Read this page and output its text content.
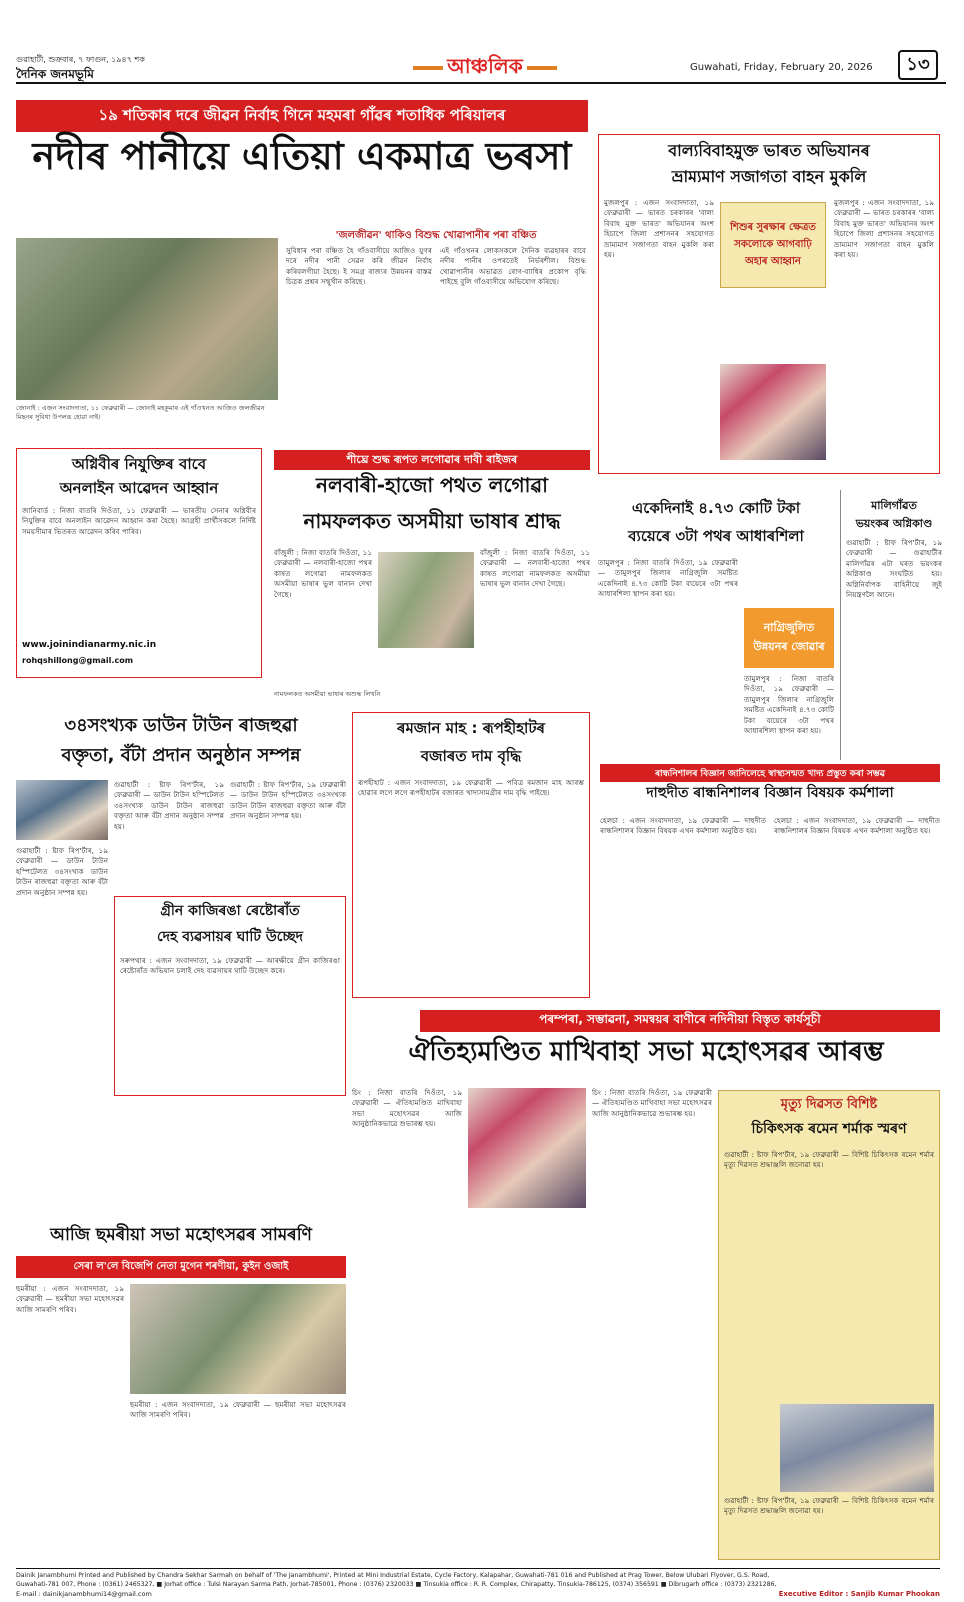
গুৱাহাটী, শুক্ৰবাৰ, ৭ ফাগুন, ১৯৪৭ শক
দৈনিক জনমভূমি	আঞ্চলিক	Guwahati, Friday, February 20, 2026	১৩
১৯ শতিকাৰ দৰে জীৱন নিৰ্বাহ গিনে মহমৰা গাঁৱৰ শতাধিক পৰিয়ালৰ
নদীৰ পানীয়ে এতিয়া একমাত্ৰ ভৰসা
'জলজীৱন' থাকিও বিশুদ্ধ খোৱাপানীৰ পৰা বঞ্চিত
সুবিধাৰ পৰা বঞ্চিত হৈ গাঁওবাসীয়ে আজিও যুগৰ দৰে নদীৰ পানী সেৱন কৰি জীৱন নিৰ্বাহ কৰিবলগীয়া হৈছে। ই সমগ্ৰ ৰাজ্যৰ উন্নয়নৰ বাস্তৱ চিত্ৰক প্ৰশ্নৰ সন্মুখীন কৰিছে।
এই গাঁওখনৰ লোকসকলে দৈনিক ব্যৱহাৰৰ বাবে নদীৰ পানীৰ ওপৰতেই নিৰ্ভৰশীল। বিশুদ্ধ খোৱাপানীৰ অভাৱত ৰোগ-ব্যাধিৰ প্ৰকোপ বৃদ্ধি পাইছে বুলি গাঁওবাসীয়ে অভিযোগ কৰিছে।
জোনাই : এজন সংবাদদাতা, ১১ ফেব্ৰুৱাৰী — জোনাই মহকুমাৰ এই গাঁওখনত আজিও জলজীৱন মিছনৰ সুবিধা উপলব্ধ হোৱা নাই।
বাল্যবিবাহমুক্ত ভাৰত অভিযানৰ
ভ্ৰাম্যমাণ সজাগতা বাহন মুকলি
মুজলপুৰ : এজন সংবাদদাতা, ১৯ ফেব্ৰুৱাৰী — ভাৰত চৰকাৰৰ 'বাল্য বিবাহ মুক্ত ভাৰত' অভিযানৰ অংশ হিচাপে জিলা প্ৰশাসনৰ সহযোগত ভ্ৰাম্যমাণ সজাগতা বাহন মুকলি কৰা হয়।
শিশুৰ সুৰক্ষাৰ ক্ষেত্ৰত সকলোকে আগবাঢ়ি অহাৰ আহ্বান
মুজলপুৰ : এজন সংবাদদাতা, ১৯ ফেব্ৰুৱাৰী — ভাৰত চৰকাৰৰ 'বাল্য বিবাহ মুক্ত ভাৰত' অভিযানৰ অংশ হিচাপে জিলা প্ৰশাসনৰ সহযোগত ভ্ৰাম্যমাণ সজাগতা বাহন মুকলি কৰা হয়।
অগ্নিবীৰ নিযুক্তিৰ বাবে
অনলাইন আৱেদন আহ্বান
জানিবাৰ্ড : নিজা বাতৰি দিওঁতা, ১১ ফেব্ৰুৱাৰী — ভাৰতীয় সেনাৰ অগ্নিবীৰ নিযুক্তিৰ বাবে অনলাইন আৱেদন আহ্বান কৰা হৈছে। আগ্ৰহী প্ৰাৰ্থীসকলে নিৰ্দিষ্ট সময়সীমাৰ ভিতৰত আৱেদন কৰিব পাৰিব।
www.joinindianarmy.nic.in
rohqshillong@gmail.com
শীঘ্ৰে শুদ্ধ ৰূপত লগোৱাৰ দাবী ৰাইজৰ
নলবাৰী-হাজো পথত লগোৱা
নামফলকত অসমীয়া ভাষাৰ শ্ৰাদ্ধ
বাঁজুলী : নিজা বাতৰি দিওঁতা, ১১ ফেব্ৰুৱাৰী — নলবাৰী-হাজো পথৰ কাষত লগোৱা নামফলকত অসমীয়া ভাষাৰ ভুল বানান দেখা গৈছে।
নামফলকত অসমীয়া ভাষাৰ অশুদ্ধ লিখনি
বাঁজুলী : নিজা বাতৰি দিওঁতা, ১১ ফেব্ৰুৱাৰী — নলবাৰী-হাজো পথৰ কাষত লগোৱা নামফলকত অসমীয়া ভাষাৰ ভুল বানান দেখা গৈছে।
একেদিনাই ৪.৭৩ কোটি টকা
ব্যয়েৰে ৩টা পথৰ আধাৰশিলা
তামুলপুৰ : নিজা বাতৰি দিওঁতা, ১৯ ফেব্ৰুৱাৰী — তামুলপুৰ জিলাৰ নাগ্ৰিজুলি সমষ্টিত একেদিনাই ৪.৭৩ কোটি টকা ব্যয়েৰে ৩টা পথৰ আধাৰশিলা স্থাপন কৰা হয়।
নাগ্ৰিজুলিত উন্নয়নৰ জোৱাৰ
তামুলপুৰ : নিজা বাতৰি দিওঁতা, ১৯ ফেব্ৰুৱাৰী — তামুলপুৰ জিলাৰ নাগ্ৰিজুলি সমষ্টিত একেদিনাই ৪.৭৩ কোটি টকা ব্যয়েৰে ৩টা পথৰ আধাৰশিলা স্থাপন কৰা হয়।
মালিগাঁৱত
ভয়ংকৰ অগ্নিকাণ্ড
গুৱাহাটী : ষ্টাফ ৰিপ'ৰ্টাৰ, ১৯ ফেব্ৰুৱাৰী — গুৱাহাটীৰ মালিগাঁৱৰ এটা ঘৰত ভয়ংকৰ অগ্নিকাণ্ড সংঘটিত হয়। অগ্নিনিৰ্বাপক বাহিনীয়ে জুই নিয়ন্ত্ৰণলৈ আনে।
৩৪সংখ্যক ডাউন টাউন ৰাজহুৱা
বক্তৃতা, বঁটা প্ৰদান অনুষ্ঠান সম্পন্ন
গুৱাহাটী : ষ্টাফ ৰিপ'ৰ্টাৰ, ১৯ ফেব্ৰুৱাৰী — ডাউন টাউন হস্পিটেলত ৩৪সংখ্যক ডাউন টাউন ৰাজহুৱা বক্তৃতা আৰু বঁটা প্ৰদান অনুষ্ঠান সম্পন্ন হয়।
গুৱাহাটী : ষ্টাফ ৰিপ'ৰ্টাৰ, ১৯ ফেব্ৰুৱাৰী — ডাউন টাউন হস্পিটেলত ৩৪সংখ্যক ডাউন টাউন ৰাজহুৱা বক্তৃতা আৰু বঁটা প্ৰদান অনুষ্ঠান সম্পন্ন হয়।
গুৱাহাটী : ষ্টাফ ৰিপ'ৰ্টাৰ, ১৯ ফেব্ৰুৱাৰী — ডাউন টাউন হস্পিটেলত ৩৪সংখ্যক ডাউন টাউন ৰাজহুৱা বক্তৃতা আৰু বঁটা প্ৰদান অনুষ্ঠান সম্পন্ন হয়।
ৰমজান মাহ : ৰূপহীহাটৰ
বজাৰত দাম বৃদ্ধি
ৰূপহীহাট : এজন সংবাদদাতা, ১৯ ফেব্ৰুৱাৰী — পবিত্ৰ ৰমজান মাহ আৰম্ভ হোৱাৰ লগে লগে ৰূপহীহাটৰ বজাৰত খাদ্যসামগ্ৰীৰ দাম বৃদ্ধি পাইছে।
গ্ৰীন কাজিৰঙা ৰেষ্টোৰাঁত
দেহ ব্যৱসায়ৰ ঘাটি উচ্ছেদ
সৰুপথাৰ : এজন সংবাদদাতা, ১৯ ফেব্ৰুৱাৰী — আৰক্ষীয়ে গ্ৰীন কাজিৰঙা ৰেষ্টোৰাঁত অভিযান চলাই দেহ ব্যৱসায়ৰ ঘাটি উচ্ছেদ কৰে।
ৰান্ধনিশালৰ বিজ্ঞান জানিলেহে স্বাস্থ্যসন্মত খাদ্য প্ৰস্তুত কৰা সম্ভৱ
দাহুদীত ৰান্ধনিশালৰ বিজ্ঞান বিষয়ক কৰ্মশালা
হেলচা : এজন সংবাদদাতা, ১৯ ফেব্ৰুৱাৰী — দাহুদীত ৰান্ধনিশালৰ বিজ্ঞান বিষয়ক এখন কৰ্মশালা অনুষ্ঠিত হয়।
হেলচা : এজন সংবাদদাতা, ১৯ ফেব্ৰুৱাৰী — দাহুদীত ৰান্ধনিশালৰ বিজ্ঞান বিষয়ক এখন কৰ্মশালা অনুষ্ঠিত হয়।
পৰম্পৰা, সম্ভাৱনা, সমন্বয়ৰ বাণীৰে নদিনীয়া বিস্তৃত কাৰ্যসূচী
ঐতিহ্যমণ্ডিত মাখিবাহা সভা মহোৎসৱৰ আৰম্ভ
চিং : নিজা বাতৰি দিওঁতা, ১৯ ফেব্ৰুৱাৰী — ঐতিহ্যমণ্ডিত মাখিবাহা সভা মহোৎসৱৰ আজি আনুষ্ঠানিকভাৱে শুভাৰম্ভ হয়।
চিং : নিজা বাতৰি দিওঁতা, ১৯ ফেব্ৰুৱাৰী — ঐতিহ্যমণ্ডিত মাখিবাহা সভা মহোৎসৱৰ আজি আনুষ্ঠানিকভাৱে শুভাৰম্ভ হয়।
আজি ছমৰীয়া সভা মহোৎসৱৰ সামৰণি
সেৰা ল'লে বিজেপি নেতা মুগেন শৰণীয়া, কুইন ওজাই
ছমৰীয়া : এজন সংবাদদাতা, ১৯ ফেব্ৰুৱাৰী — ছমৰীয়া সভা মহোৎসৱৰ আজি সামৰণি পৰিব।
ছমৰীয়া : এজন সংবাদদাতা, ১৯ ফেব্ৰুৱাৰী — ছমৰীয়া সভা মহোৎসৱৰ আজি সামৰণি পৰিব।
মৃত্যু দিৱসত বিশিষ্ট
চিকিৎসক ৰমেন শৰ্মাক স্মৰণ
গুৱাহাটী : ষ্টাফ ৰিপ'ৰ্টাৰ, ১৯ ফেব্ৰুৱাৰী — বিশিষ্ট চিকিৎসক ৰমেন শৰ্মাৰ মৃত্যু দিৱসত শ্ৰদ্ধাঞ্জলি জনোৱা হয়।
গুৱাহাটী : ষ্টাফ ৰিপ'ৰ্টাৰ, ১৯ ফেব্ৰুৱাৰী — বিশিষ্ট চিকিৎসক ৰমেন শৰ্মাৰ মৃত্যু দিৱসত শ্ৰদ্ধাঞ্জলি জনোৱা হয়।
Dainik Janambhumi Printed and Published by Chandra Sekhar Sarmah on behalf of 'The Janambhumi', Printed at Mini Industrial Estate, Cycle Factory, Kalapahar, Guwahati-781 016 and Published at Prag Tower, Below Ulubari Flyover, G.S. Road,
Guwahati-781 007, Phone : (0361) 2465327, ■ Jorhat office : Tulsi Narayan Sarma Path, Jorhat-785001, Phone : (0376) 2320033 ■ Tinsukia office : R. R. Complex, Chirapatty, Tinsukia-786125, (0374) 356591 ■ Dibrugarh office : (0373) 2321286,
E-mail : dainikjanambhumi14@gmail.com	Executive Editor : Sanjib Kumar Phookan
